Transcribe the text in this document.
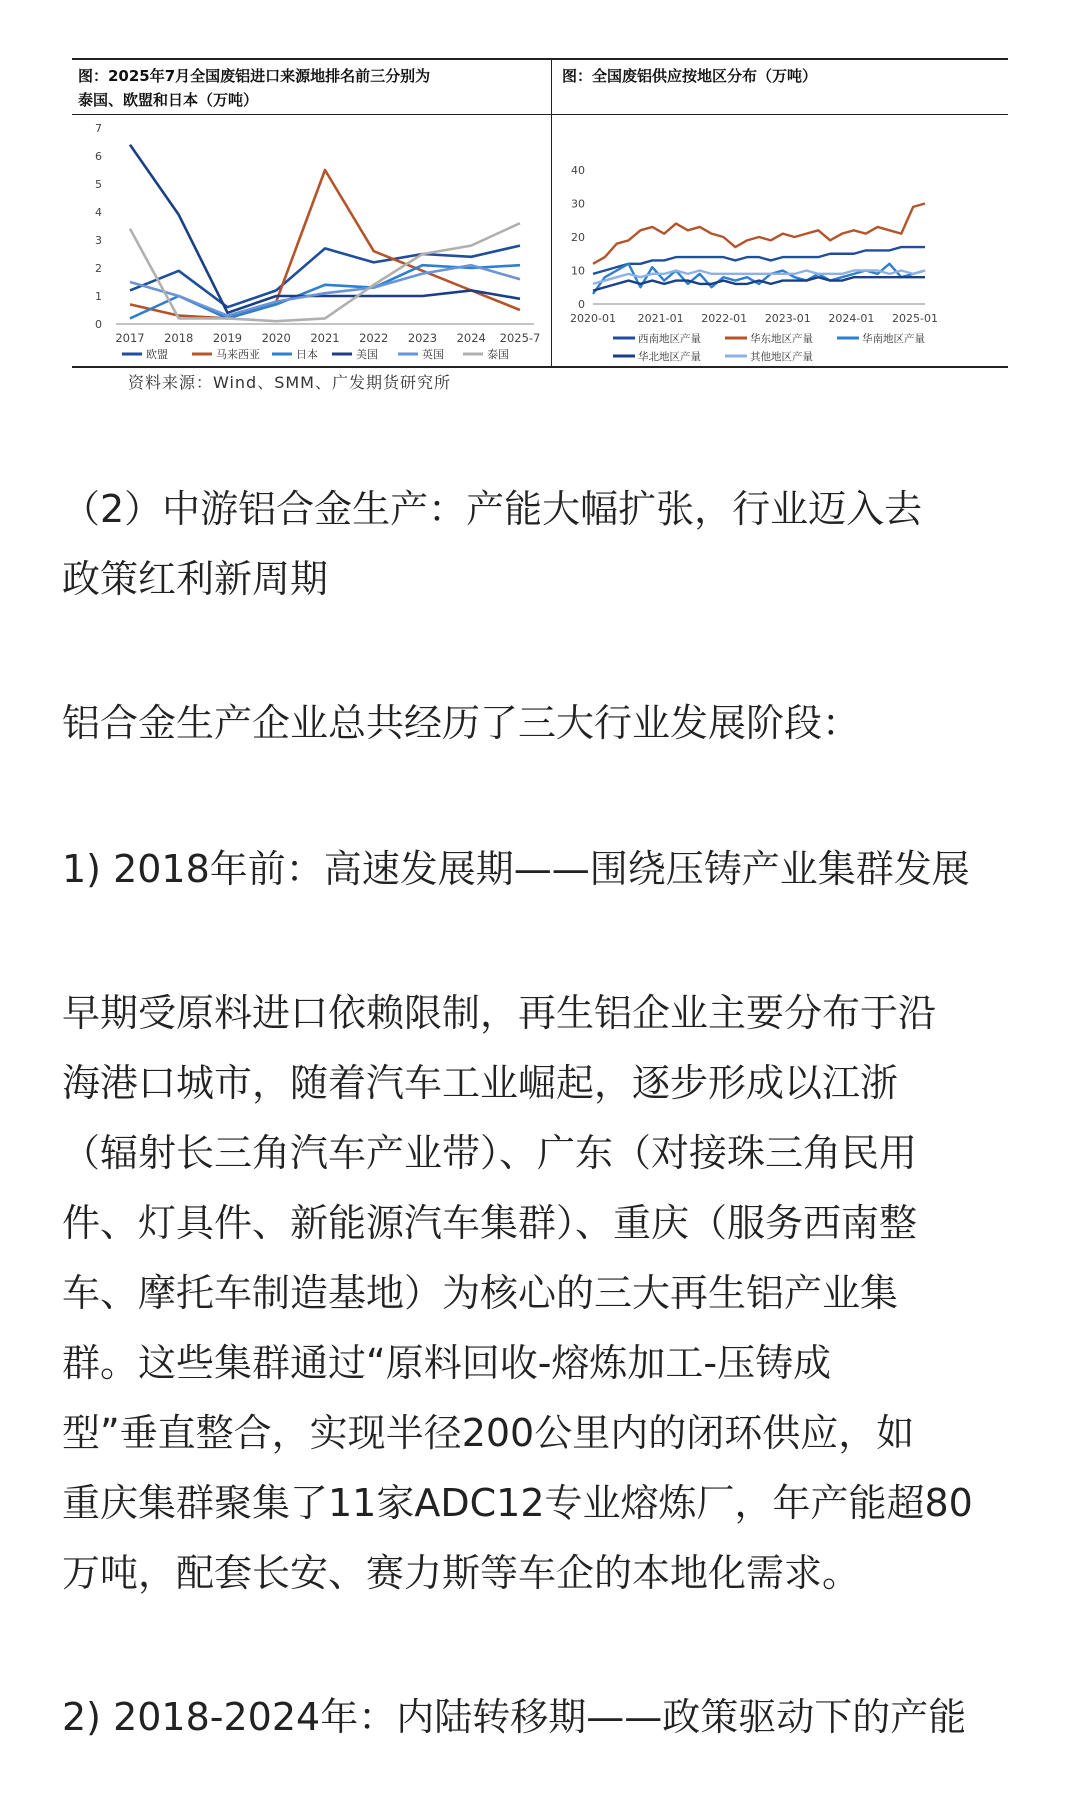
图：2025年7月全国废铝进口来源地排名前三分别为
泰国、欧盟和日本（万吨）
图：全国废铝供应按地区分布（万吨）
0
1
2
3
4
5
6
7
2017 2018 2019 2020 2021 2022 2023 2024 2025-7
欧盟	马来西亚	日本	美国	英国	泰国
0
10
20
30
40
2020-01 2021-01 2022-01 2023-01 2024-01 2025-01
西南地区产量	华东地区产量	华南地区产量
华北地区产量	其他地区产量
资料来源：Wind、SMM、广发期货研究所

（2）中游铝合金生产：产能大幅扩张，行业迈入去

政策红利新周期

铝合金生产企业总共经历了三大行业发展阶段：

1) 2018年前：高速发展期——围绕压铸产业集群发展

早期受原料进口依赖限制，再生铝企业主要分布于沿

海港口城市，随着汽车工业崛起，逐步形成以江浙

（辐射长三角汽车产业带）、广东（对接珠三角民用

件、灯具件、新能源汽车集群）、重庆（服务西南整

车、摩托车制造基地）为核心的三大再生铝产业集

群。这些集群通过“原料回收-熔炼加工-压铸成

型”垂直整合，实现半径200公里内的闭环供应，如

重庆集群聚集了11家ADC12专业熔炼厂，年产能超80

万吨，配套长安、赛力斯等车企的本地化需求。

2) 2018-2024年：内陆转移期——政策驱动下的产能
